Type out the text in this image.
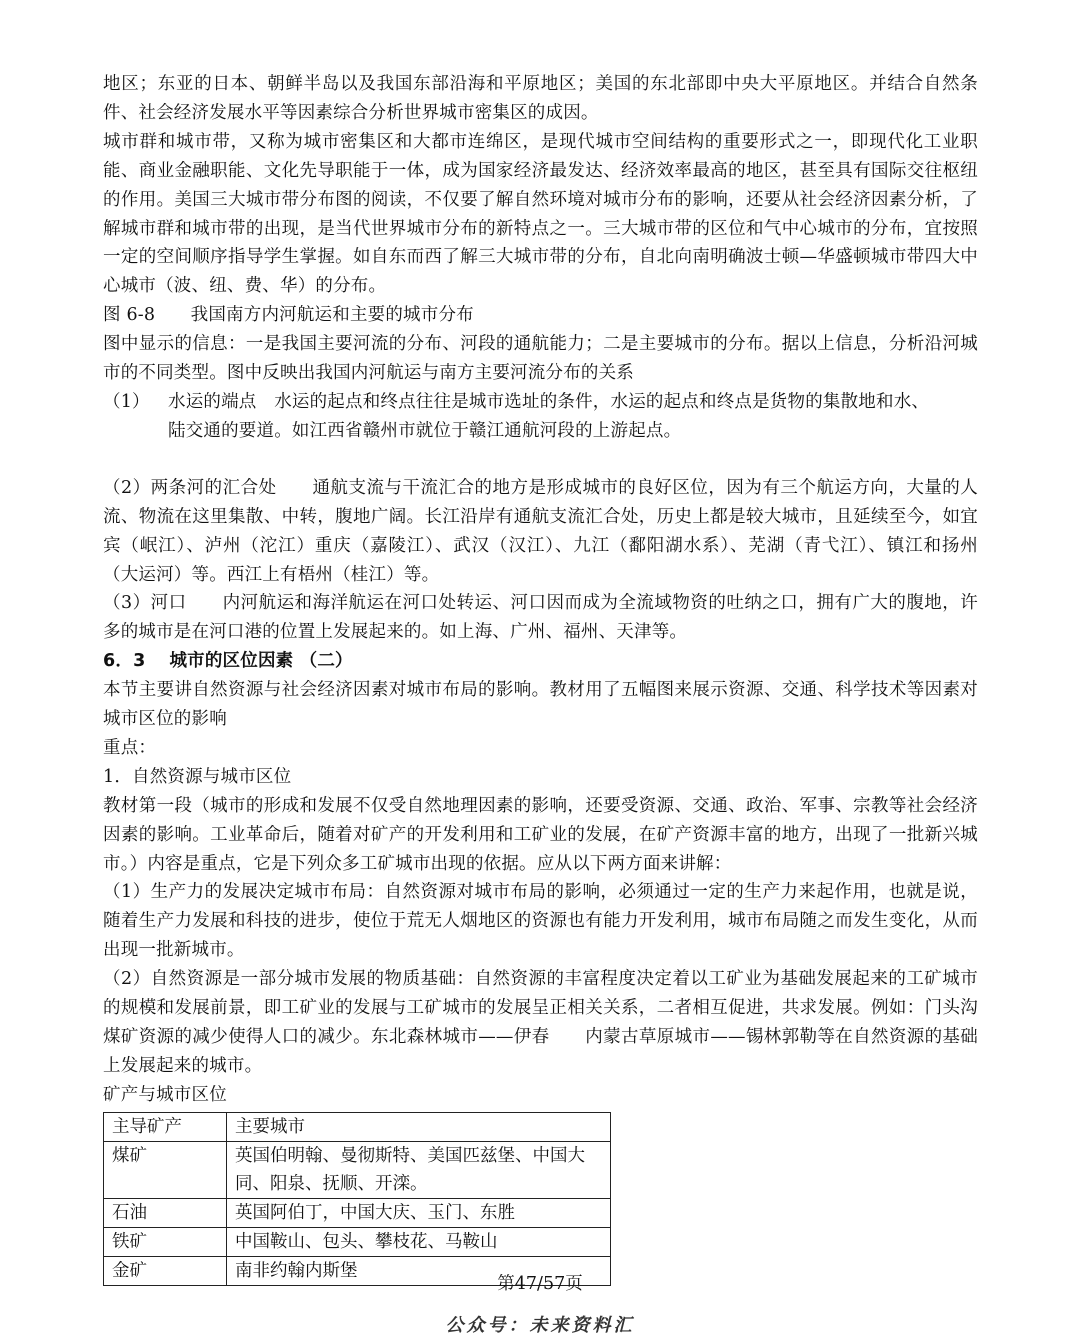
地区；东亚的日本、朝鲜半岛以及我国东部沿海和平原地区；美国的东北部即中央大平原地区。并结合自然条件、社会经济发展水平等因素综合分析世界城市密集区的成因。

城市群和城市带，又称为城市密集区和大都市连绵区，是现代城市空间结构的重要形式之一，即现代化工业职能、商业金融职能、文化先导职能于一体，成为国家经济最发达、经济效率最高的地区，甚至具有国际交往枢纽的作用。美国三大城市带分布图的阅读，不仅要了解自然环境对城市分布的影响，还要从社会经济因素分析，了解城市群和城市带的出现，是当代世界城市分布的新特点之一。三大城市带的区位和气中心城市的分布，宜按照一定的空间顺序指导学生掌握。如自东而西了解三大城市带的分布，自北向南明确波士顿—华盛顿城市带四大中心城市（波、纽、费、华）的分布。

图 6-8　　我国南方内河航运和主要的城市分布

图中显示的信息：一是我国主要河流的分布、河段的通航能力；二是主要城市的分布。据以上信息，分析沿河城市的不同类型。图中反映出我国内河航运与南方主要河流分布的关系

（1）	水运的端点　水运的起点和终点往往是城市选址的条件，水运的起点和终点是货物的集散地和水、

陆交通的要道。如江西省赣州市就位于赣江通航河段的上游起点。

（2）两条河的汇合处　　通航支流与干流汇合的地方是形成城市的良好区位，因为有三个航运方向，大量的人流、物流在这里集散、中转，腹地广阔。长江沿岸有通航支流汇合处，历史上都是较大城市，且延续至今，如宜宾（岷江）、泸州（沱江）重庆（嘉陵江）、武汉（汉江）、九江（鄱阳湖水系）、芜湖（青弋江）、镇江和扬州（大运河）等。西江上有梧州（桂江）等。

（3）河口　　内河航运和海洋航运在河口处转运、河口因而成为全流域物资的吐纳之口，拥有广大的腹地，许多的城市是在河口港的位置上发展起来的。如上海、广州、福州、天津等。

6．3　 城市的区位因素 （二）

本节主要讲自然资源与社会经济因素对城市布局的影响。教材用了五幅图来展示资源、交通、科学技术等因素对城市区位的影响

重点：

1．自然资源与城市区位

教材第一段（城市的形成和发展不仅受自然地理因素的影响，还要受资源、交通、政治、军事、宗教等社会经济因素的影响。工业革命后，随着对矿产的开发利用和工矿业的发展，在矿产资源丰富的地方，出现了一批新兴城市。）内容是重点，它是下列众多工矿城市出现的依据。应从以下两方面来讲解：

（1）生产力的发展决定城市布局：自然资源对城市布局的影响，必须通过一定的生产力来起作用，也就是说，随着生产力发展和科技的进步，使位于荒无人烟地区的资源也有能力开发利用，城市布局随之而发生变化，从而出现一批新城市。

（2）自然资源是一部分城市发展的物质基础：自然资源的丰富程度决定着以工矿业为基础发展起来的工矿城市的规模和发展前景，即工矿业的发展与工矿城市的发展呈正相关关系，二者相互促进，共求发展。例如：门头沟煤矿资源的减少使得人口的减少。东北森林城市——伊春　　内蒙古草原城市——锡林郭勒等在自然资源的基础上发展起来的城市。

矿产与城市区位

主导矿产	主要城市
煤矿	英国伯明翰、曼彻斯特、美国匹兹堡、中国大同、阳泉、抚顺、开滦。
石油	英国阿伯丁，中国大庆、玉门、东胜
铁矿	中国鞍山、包头、攀枝花、马鞍山
金矿	南非约翰内斯堡
第47/57页
公众号：未来资料汇
